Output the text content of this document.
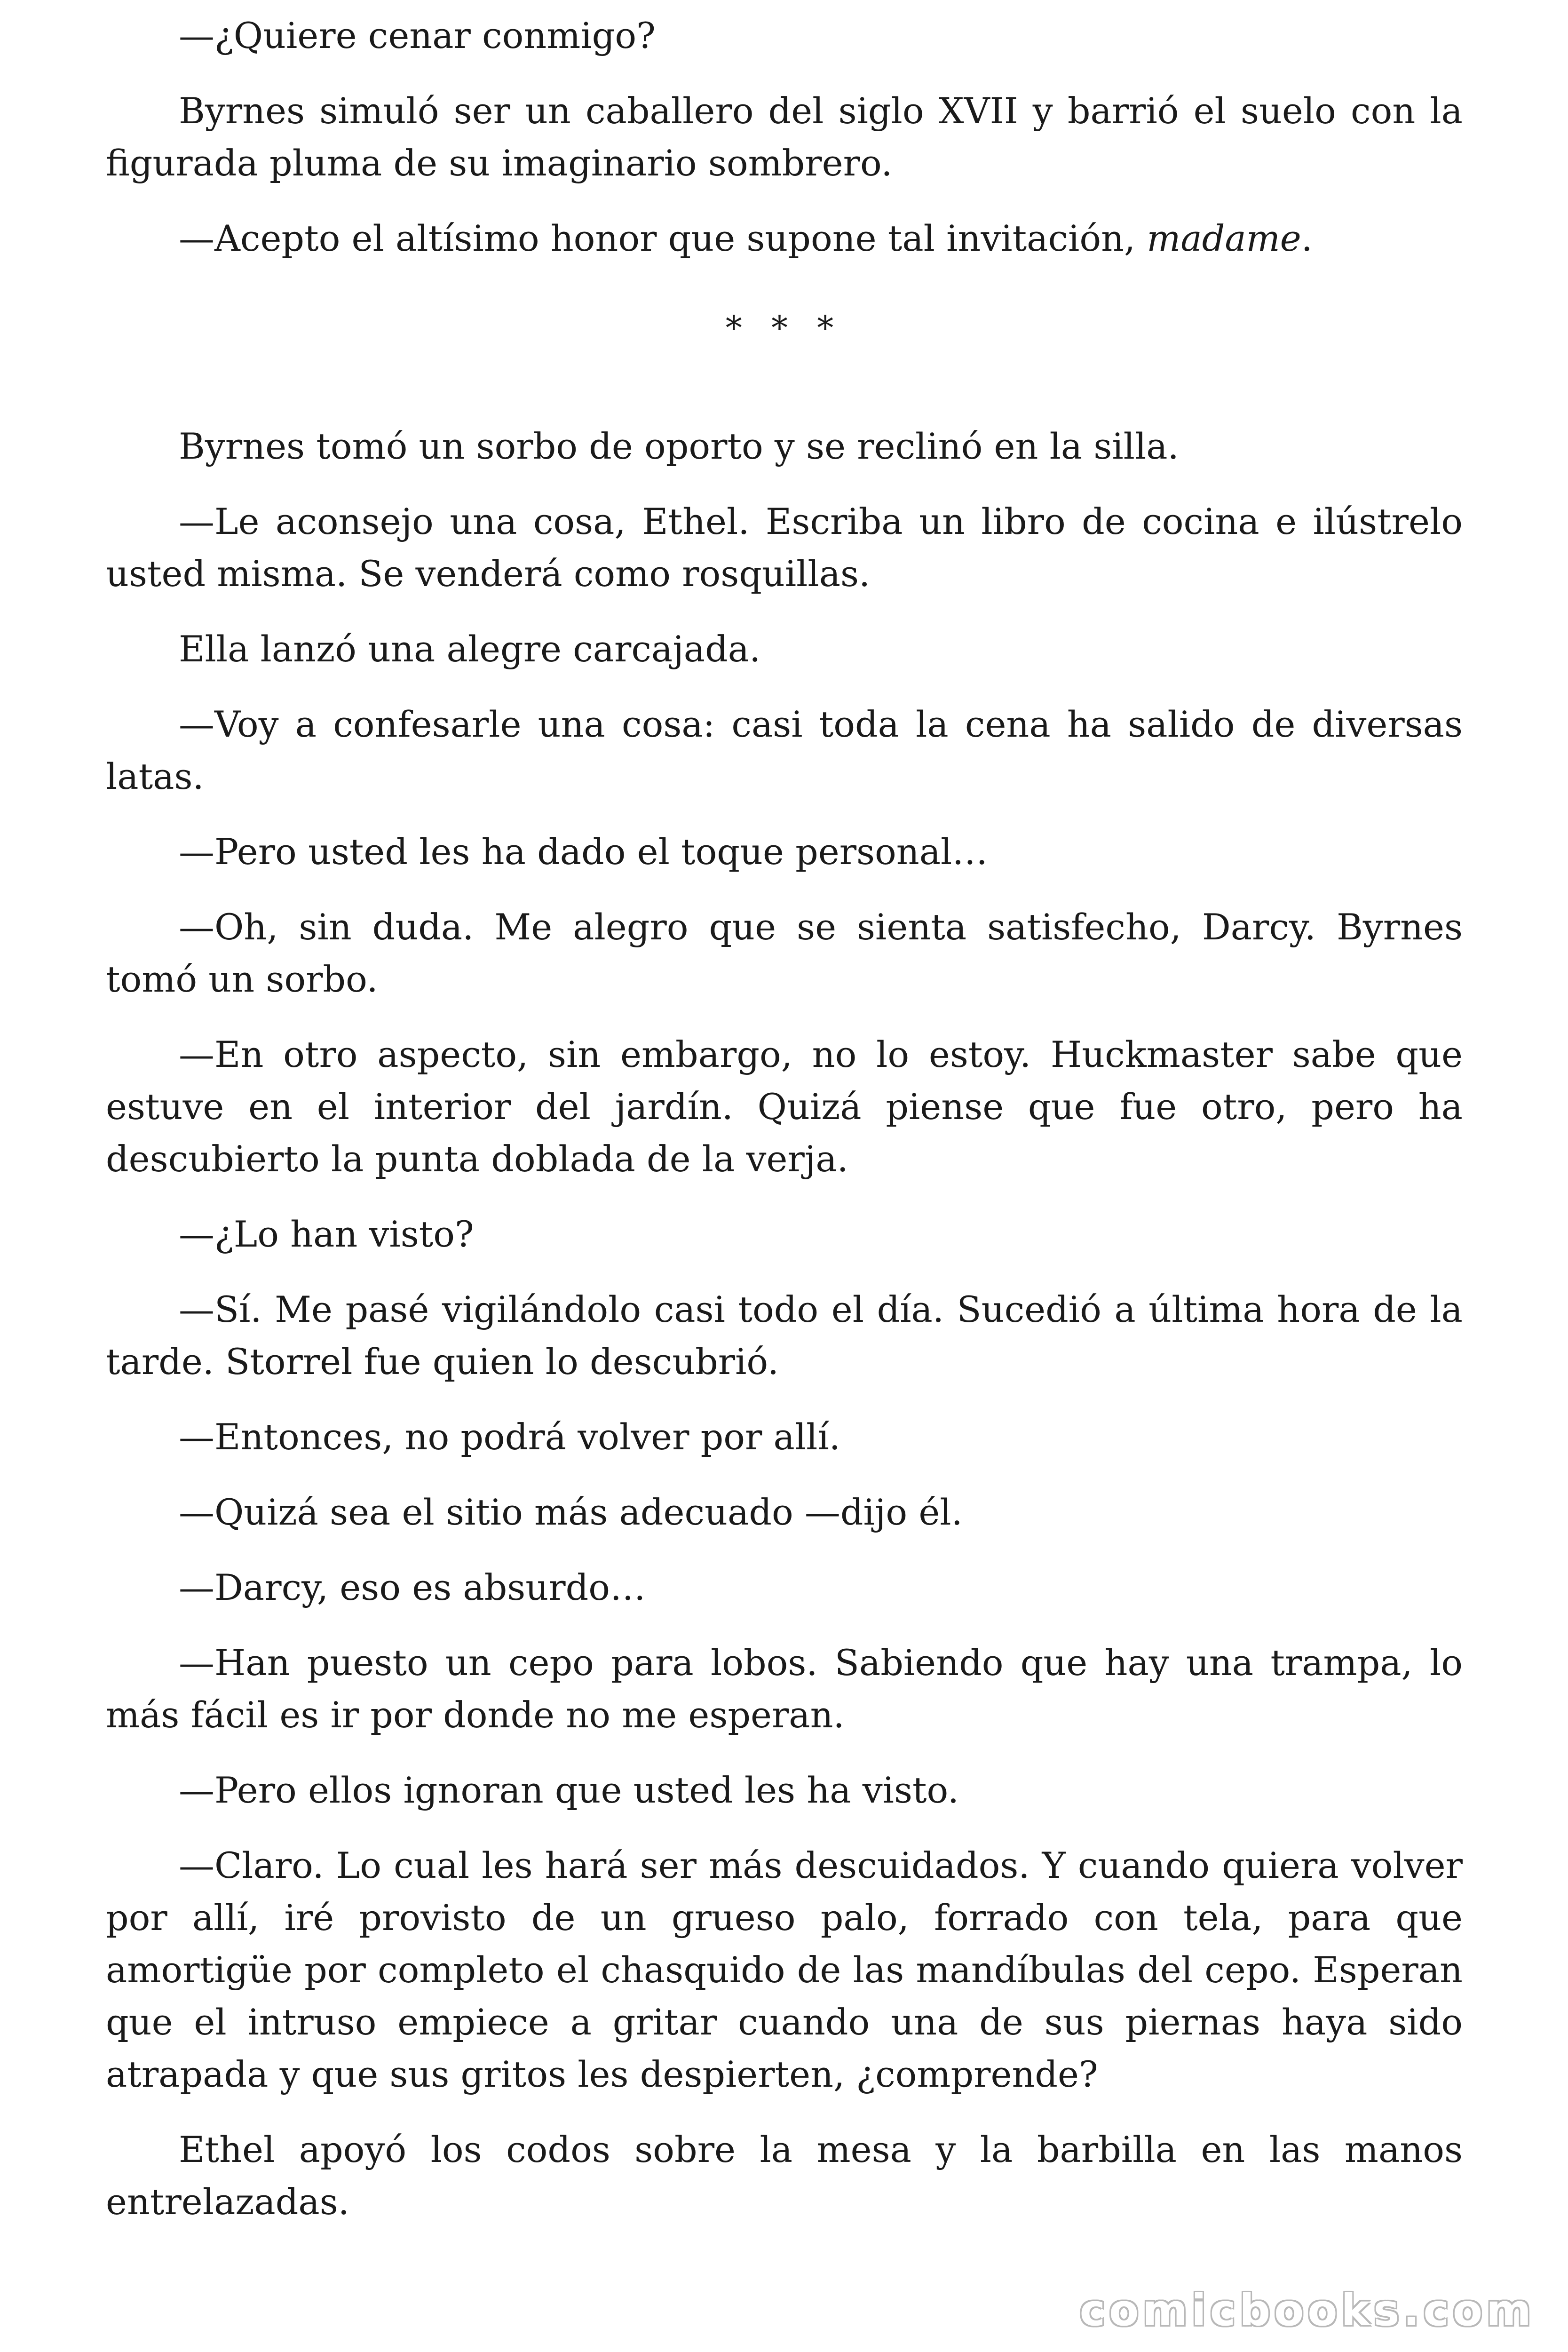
—¿Quiere cenar conmigo?

Byrnes simuló ser un caballero del siglo XVII y barrió el suelo con la figurada pluma de su imaginario sombrero.

—Acepto el altísimo honor que supone tal invitación, madame.

* * *

Byrnes tomó un sorbo de oporto y se reclinó en la silla.

—Le aconsejo una cosa, Ethel. Escriba un libro de cocina e ilústrelo usted misma. Se venderá como rosquillas.

Ella lanzó una alegre carcajada.

—Voy a confesarle una cosa: casi toda la cena ha salido de diversas latas.

—Pero usted les ha dado el toque personal…

—Oh, sin duda. Me alegro que se sienta satisfecho, Darcy. Byrnes tomó un sorbo.

—En otro aspecto, sin embargo, no lo estoy. Huckmaster sabe que estuve en el interior del jardín. Quizá piense que fue otro, pero ha descubierto la punta doblada de la verja.

—¿Lo han visto?

—Sí. Me pasé vigilándolo casi todo el día. Sucedió a última hora de la tarde. Storrel fue quien lo descubrió.

—Entonces, no podrá volver por allí.

—Quizá sea el sitio más adecuado —dijo él.

—Darcy, eso es absurdo…

—Han puesto un cepo para lobos. Sabiendo que hay una trampa, lo más fácil es ir por donde no me esperan.

—Pero ellos ignoran que usted les ha visto.

—Claro. Lo cual les hará ser más descuidados. Y cuando quiera volver por allí, iré provisto de un grueso palo, forrado con tela, para que amortigüe por completo el chasquido de las mandíbulas del cepo. Esperan que el intruso empiece a gritar cuando una de sus piernas haya sido atrapada y que sus gritos les despierten, ¿comprende?

Ethel apoyó los codos sobre la mesa y la barbilla en las manos entrelazadas.

comicbooks.com
